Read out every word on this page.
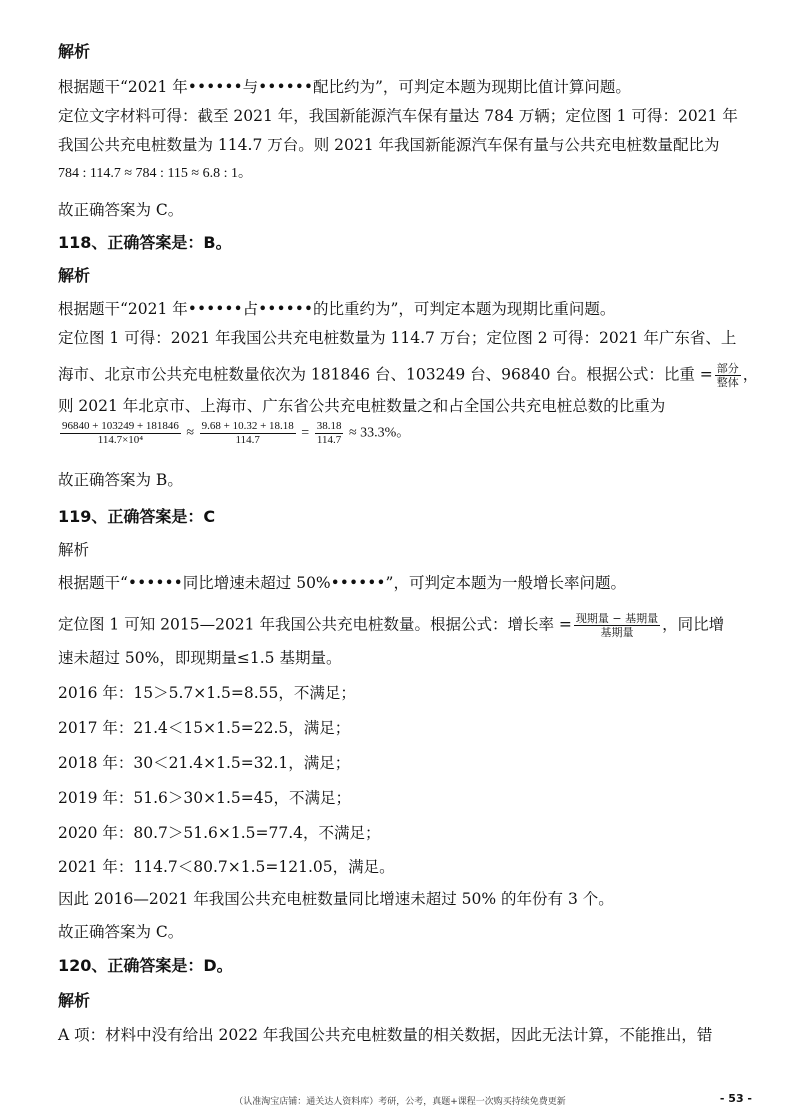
解析
根据题干“2021 年••••••与••••••配比约为”，可判定本题为现期比值计算问题。
定位文字材料可得：截至 2021 年，我国新能源汽车保有量达 784 万辆；定位图 1 可得：2021 年
我国公共充电桩数量为 114.7 万台。则 2021 年我国新能源汽车保有量与公共充电桩数量配比为
784 : 114.7 ≈ 784 : 115 ≈ 6.8 : 1。
故正确答案为 C。
118、正确答案是：B。
解析
根据题干“2021 年••••••占••••••的比重约为”，可判定本题为现期比重问题。
定位图 1 可得：2021 年我国公共充电桩数量为 114.7 万台；定位图 2 可得：2021 年广东省、上
海市、北京市公共充电桩数量依次为 181846 台、103249 台、96840 台。根据公式：比重 = $\frac{\text{部分}}{\text{整体}}$ ，
则 2021 年北京市、上海市、广东省公共充电桩数量之和占全国公共充电桩总数的比重为
$\frac{96840 + 103249 + 181846}{\text{114.7×10⁴}} \approx \frac{9.68 + 10.32 + 18.18}{114.7} = \frac{38.18}{114.7} \approx 33.3\%$。
故正确答案为 B。
119、正确答案是：C
解析
根据题干“••••••同比增速未超过 50%••••••”，可判定本题为一般增长率问题。
定位图 1 可知 2015—2021 年我国公共充电桩数量。根据公式：增长率 = $\frac{\text{现期量 − 基期量}}{\text{基期量}}$ ，同比增
速未超过 50%，即现期量≤1.5 基期量。
2016 年：15＞5.7×1.5=8.55，不满足；
2017 年：21.4＜15×1.5=22.5，满足；
2018 年：30＜21.4×1.5=32.1，满足；
2019 年：51.6＞30×1.5=45，不满足；
2020 年：80.7＞51.6×1.5=77.4，不满足；
2021 年：114.7＜80.7×1.5=121.05，满足。
因此 2016—2021 年我国公共充电桩数量同比增速未超过 50% 的年份有 3 个。
故正确答案为 C。
120、正确答案是：D。
解析
A 项：材料中没有给出 2022 年我国公共充电桩数量的相关数据，因此无法计算，不能推出，错
（认准淘宝店铺：通关达人资料库）考研，公考，真题+课程一次购买持续免费更新	- 53 -
